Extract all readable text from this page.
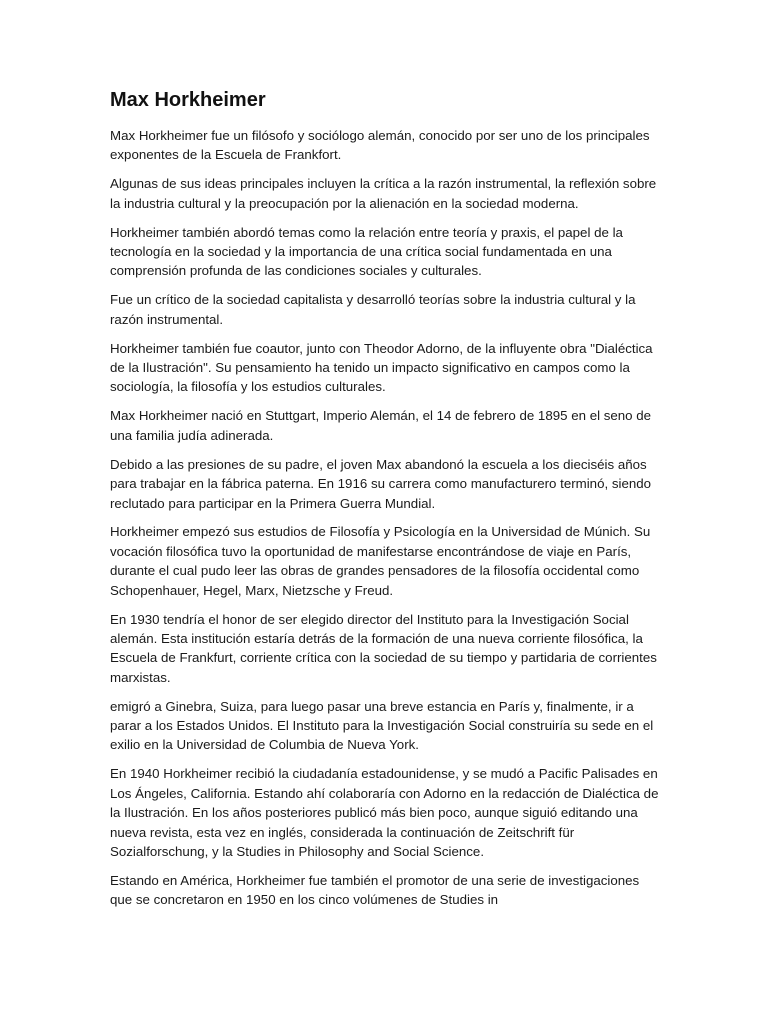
Max Horkheimer

Max Horkheimer fue un filósofo y sociólogo alemán, conocido por ser uno de los principales exponentes de la Escuela de Frankfort.

Algunas de sus ideas principales incluyen la crítica a la razón instrumental, la reflexión sobre la industria cultural y la preocupación por la alienación en la sociedad moderna.

Horkheimer también abordó temas como la relación entre teoría y praxis, el papel de la tecnología en la sociedad y la importancia de una crítica social fundamentada en una comprensión profunda de las condiciones sociales y culturales.

Fue un crítico de la sociedad capitalista y desarrolló teorías sobre la industria cultural y la razón instrumental.

Horkheimer también fue coautor, junto con Theodor Adorno, de la influyente obra "Dialéctica de la Ilustración". Su pensamiento ha tenido un impacto significativo en campos como la sociología, la filosofía y los estudios culturales.

Max Horkheimer nació en Stuttgart, Imperio Alemán, el 14 de febrero de 1895 en el seno de una familia judía adinerada.

Debido a las presiones de su padre, el joven Max abandonó la escuela a los dieciséis años para trabajar en la fábrica paterna. En 1916 su carrera como manufacturero terminó, siendo reclutado para participar en la Primera Guerra Mundial.

Horkheimer empezó sus estudios de Filosofía y Psicología en la Universidad de Múnich. Su vocación filosófica tuvo la oportunidad de manifestarse encontrándose de viaje en París, durante el cual pudo leer las obras de grandes pensadores de la filosofía occidental como Schopenhauer, Hegel, Marx, Nietzsche y Freud.

En 1930 tendría el honor de ser elegido director del Instituto para la Investigación Social alemán. Esta institución estaría detrás de la formación de una nueva corriente filosófica, la Escuela de Frankfurt, corriente crítica con la sociedad de su tiempo y partidaria de corrientes marxistas.

emigró a Ginebra, Suiza, para luego pasar una breve estancia en París y, finalmente, ir a parar a los Estados Unidos. El Instituto para la Investigación Social construiría su sede en el exilio en la Universidad de Columbia de Nueva York.

En 1940 Horkheimer recibió la ciudadanía estadounidense, y se mudó a Pacific Palisades en Los Ángeles, California. Estando ahí colaboraría con Adorno en la redacción de Dialéctica de la Ilustración. En los años posteriores publicó más bien poco, aunque siguió editando una nueva revista, esta vez en inglés, considerada la continuación de Zeitschrift für Sozialforschung, y la Studies in Philosophy and Social Science.

Estando en América, Horkheimer fue también el promotor de una serie de investigaciones que se concretaron en 1950 en los cinco volúmenes de Studies in
